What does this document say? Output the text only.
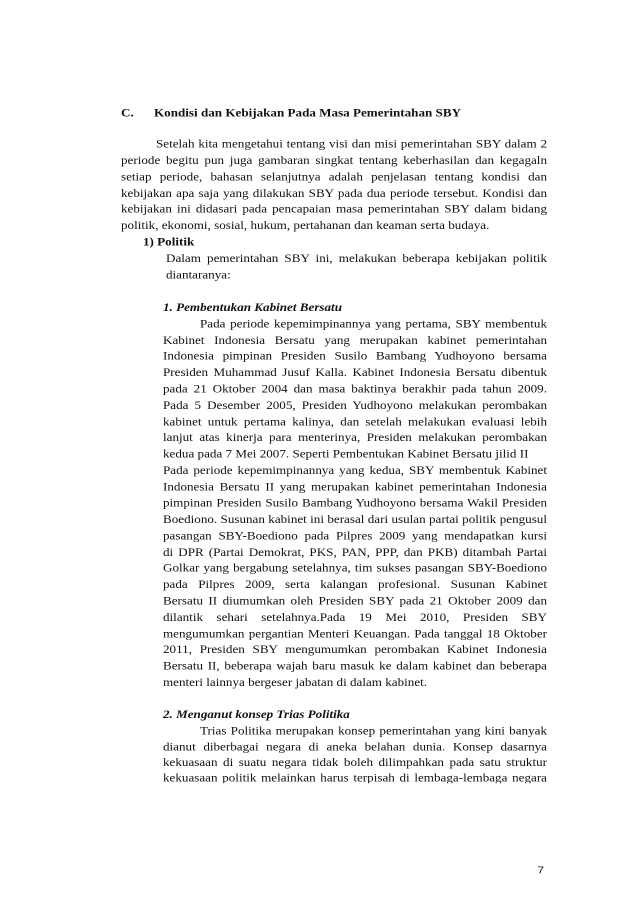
C. Kondisi dan Kebijakan Pada Masa Pemerintahan SBY
Setelah kita mengetahui tentang visi dan misi pemerintahan SBY dalam 2
periode begitu pun juga gambaran singkat tentang keberhasilan dan kegagaln
setiap periode, bahasan selanjutnya adalah penjelasan tentang kondisi dan
kebijakan apa saja yang dilakukan SBY pada dua periode tersebut. Kondisi dan
kebijakan ini didasari pada pencapaian masa pemerintahan SBY dalam bidang
politik, ekonomi, sosial, hukum, pertahanan dan keaman serta budaya.
1) Politik
Dalam pemerintahan SBY ini, melakukan beberapa kebijakan politik
diantaranya:
1. Pembentukan Kabinet Bersatu
Pada periode kepemimpinannya yang pertama, SBY membentuk
Kabinet Indonesia Bersatu yang merupakan kabinet pemerintahan
Indonesia pimpinan Presiden Susilo Bambang Yudhoyono bersama
Presiden Muhammad Jusuf Kalla. Kabinet Indonesia Bersatu dibentuk
pada 21 Oktober 2004 dan masa baktinya berakhir pada tahun 2009.
Pada 5 Desember 2005, Presiden Yudhoyono melakukan perombakan
kabinet untuk pertama kalinya, dan setelah melakukan evaluasi lebih
lanjut atas kinerja para menterinya, Presiden melakukan perombakan
kedua pada 7 Mei 2007. Seperti Pembentukan Kabinet Bersatu jilid II
Pada periode kepemimpinannya yang kedua, SBY membentuk Kabinet
Indonesia Bersatu II yang merupakan kabinet pemerintahan Indonesia
pimpinan Presiden Susilo Bambang Yudhoyono bersama Wakil Presiden
Boediono. Susunan kabinet ini berasal dari usulan partai politik pengusul
pasangan SBY-Boediono pada Pilpres 2009 yang mendapatkan kursi
di DPR (Partai Demokrat, PKS, PAN, PPP, dan PKB) ditambah Partai
Golkar yang bergabung setelahnya, tim sukses pasangan SBY-Boediono
pada Pilpres 2009, serta kalangan profesional. Susunan Kabinet
Bersatu II diumumkan oleh Presiden SBY pada 21 Oktober 2009 dan
dilantik sehari setelahnya.Pada 19 Mei 2010, Presiden SBY
mengumumkan pergantian Menteri Keuangan. Pada tanggal 18 Oktober
2011, Presiden SBY mengumumkan perombakan Kabinet Indonesia
Bersatu II, beberapa wajah baru masuk ke dalam kabinet dan beberapa
menteri lainnya bergeser jabatan di dalam kabinet.
2. Menganut konsep Trias Politika
7
Trias Politika merupakan konsep pemerintahan yang kini banyak
dianut diberbagai negara di aneka belahan dunia. Konsep dasarnya
kekuasaan di suatu negara tidak boleh dilimpahkan pada satu struktur
kekuasaan politik melainkan harus terpisah di lembaga-lembaga negara
